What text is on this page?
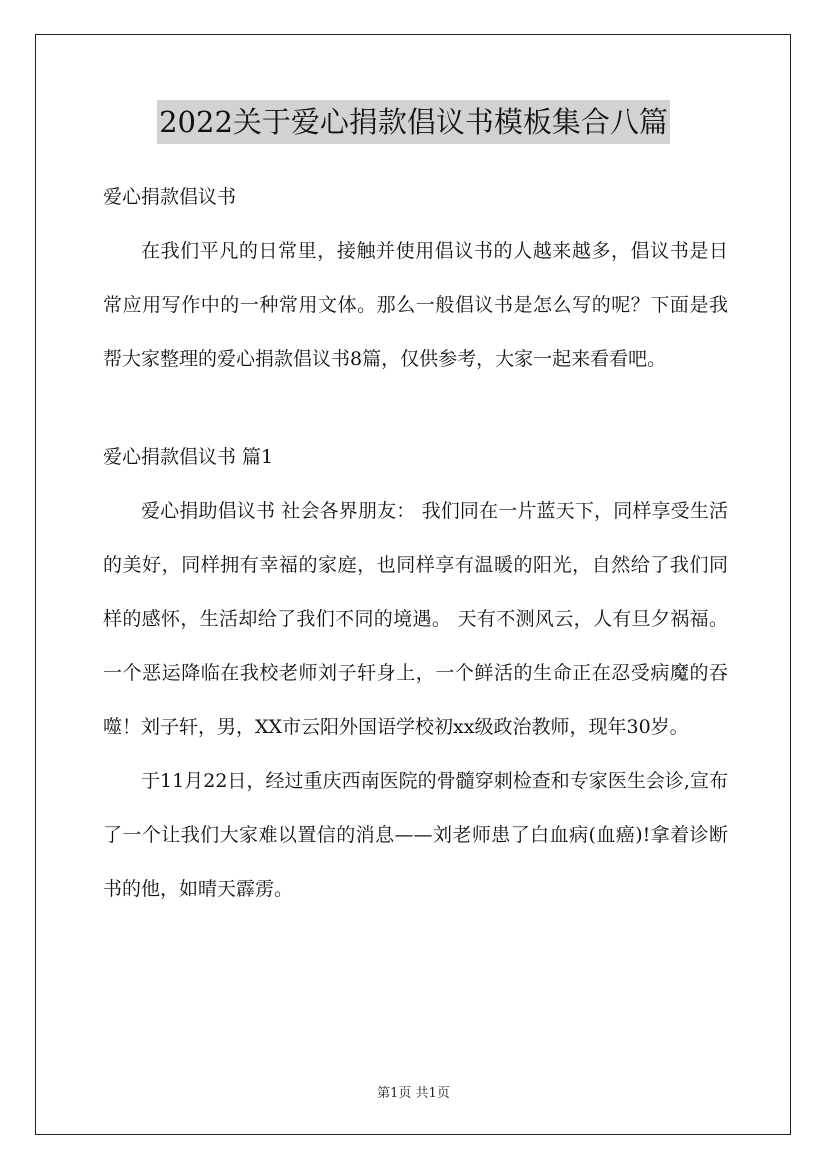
2022关于爱心捐款倡议书模板集合八篇

爱心捐款倡议书

在我们平凡的日常里，接触并使用倡议书的人越来越多，倡议书是日常应用写作中的一种常用文体。那么一般倡议书是怎么写的呢？下面是我帮大家整理的爱心捐款倡议书8篇，仅供参考，大家一起来看看吧。

爱心捐款倡议书 篇1

爱心捐助倡议书 社会各界朋友： 我们同在一片蓝天下，同样享受生活的美好，同样拥有幸福的家庭，也同样享有温暖的阳光，自然给了我们同样的感怀，生活却给了我们不同的境遇。 天有不测风云，人有旦夕祸福。一个恶运降临在我校老师刘子轩身上，一个鲜活的生命正在忍受病魔的吞噬！刘子轩，男，XX市云阳外国语学校初xx级政治教师，现年30岁。

于11月22日，经过重庆西南医院的骨髓穿刺检查和专家医生会诊,宣布了一个让我们大家难以置信的消息——刘老师患了白血病(血癌)!拿着诊断书的他，如晴天霹雳。

第1页 共1页
